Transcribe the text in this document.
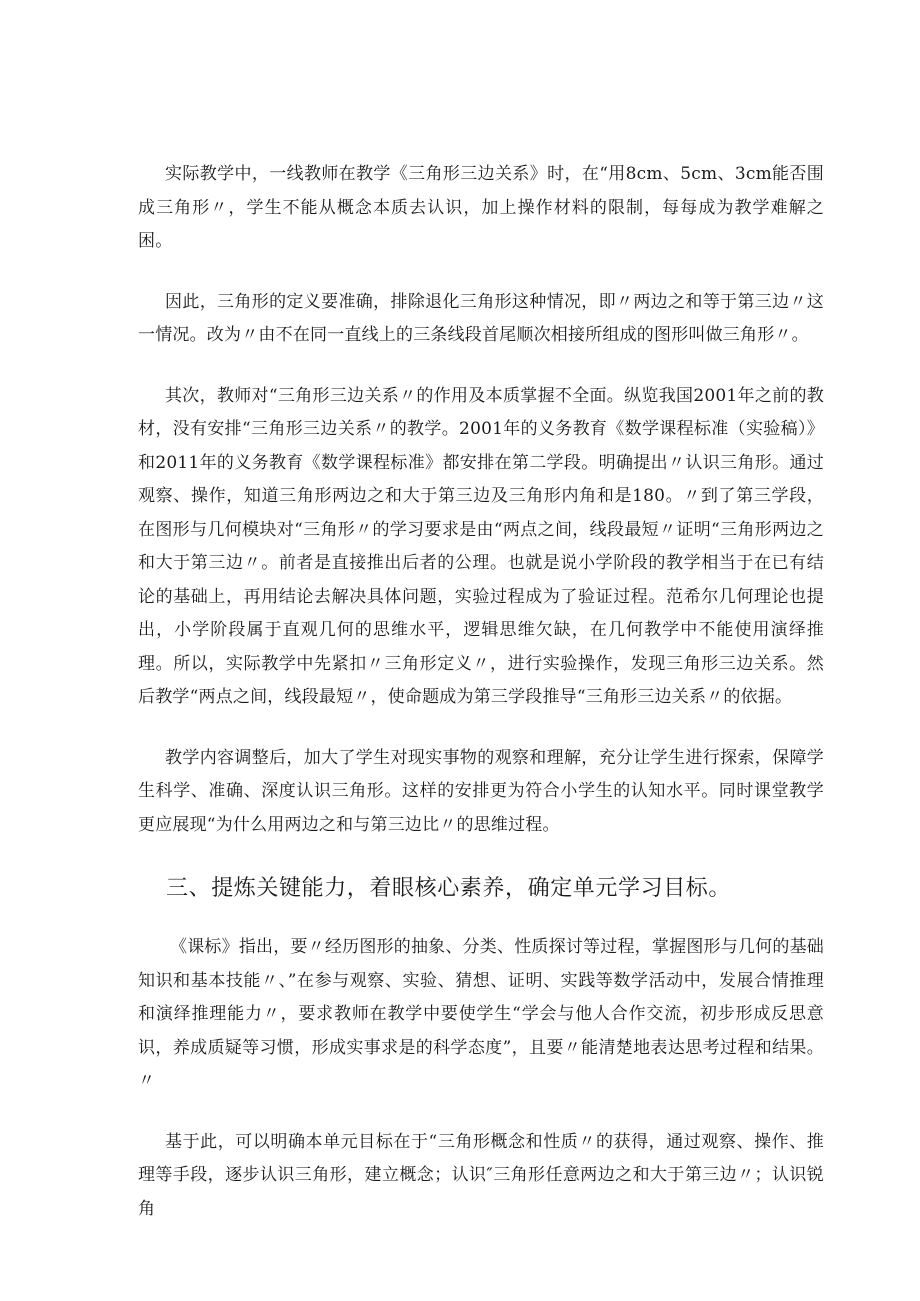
实际教学中，一线教师在教学《三角形三边关系》时，在“用8cm、5cm、3cm能否围成三角形〃，学生不能从概念本质去认识，加上操作材料的限制，每每成为教学难解之困。

因此，三角形的定义要准确，排除退化三角形这种情况，即〃两边之和等于第三边〃这一情况。改为〃由不在同一直线上的三条线段首尾顺次相接所组成的图形叫做三角形〃。

其次，教师对“三角形三边关系〃的作用及本质掌握不全面。纵览我国2001年之前的教材，没有安排“三角形三边关系〃的教学。2001年的义务教育《数学课程标准（实验稿）》和2011年的义务教育《数学课程标准》都安排在第二学段。明确提出〃认识三角形。通过观察、操作，知道三角形两边之和大于第三边及三角形内角和是180。〃到了第三学段，在图形与几何模块对“三角形〃的学习要求是由“两点之间，线段最短〃证明“三角形两边之和大于第三边〃。前者是直接推出后者的公理。也就是说小学阶段的教学相当于在已有结论的基础上，再用结论去解决具体问题，实验过程成为了验证过程。范希尔几何理论也提出，小学阶段属于直观几何的思维水平，逻辑思维欠缺，在几何教学中不能使用演绎推理。所以，实际教学中先紧扣〃三角形定义〃，进行实验操作，发现三角形三边关系。然后教学“两点之间，线段最短〃，使命题成为第三学段推导“三角形三边关系〃的依据。

教学内容调整后，加大了学生对现实事物的观察和理解，充分让学生进行探索，保障学生科学、准确、深度认识三角形。这样的安排更为符合小学生的认知水平。同时课堂教学更应展现“为什么用两边之和与第三边比〃的思维过程。

三、提炼关键能力，着眼核心素养，确定单元学习目标。

《课标》指出，要〃经历图形的抽象、分类、性质探讨等过程，掌握图形与几何的基础知识和基本技能〃、”在参与观察、实验、猜想、证明、实践等数学活动中，发展合情推理和演绎推理能力〃，要求教师在教学中要使学生“学会与他人合作交流，初步形成反思意识，养成质疑等习惯，形成实事求是的科学态度”，且要〃能清楚地表达思考过程和结果。〃

基于此，可以明确本单元目标在于“三角形概念和性质〃的获得，通过观察、操作、推理等手段，逐步认识三角形，建立概念；认识″三角形任意两边之和大于第三边〃；认识锐角
